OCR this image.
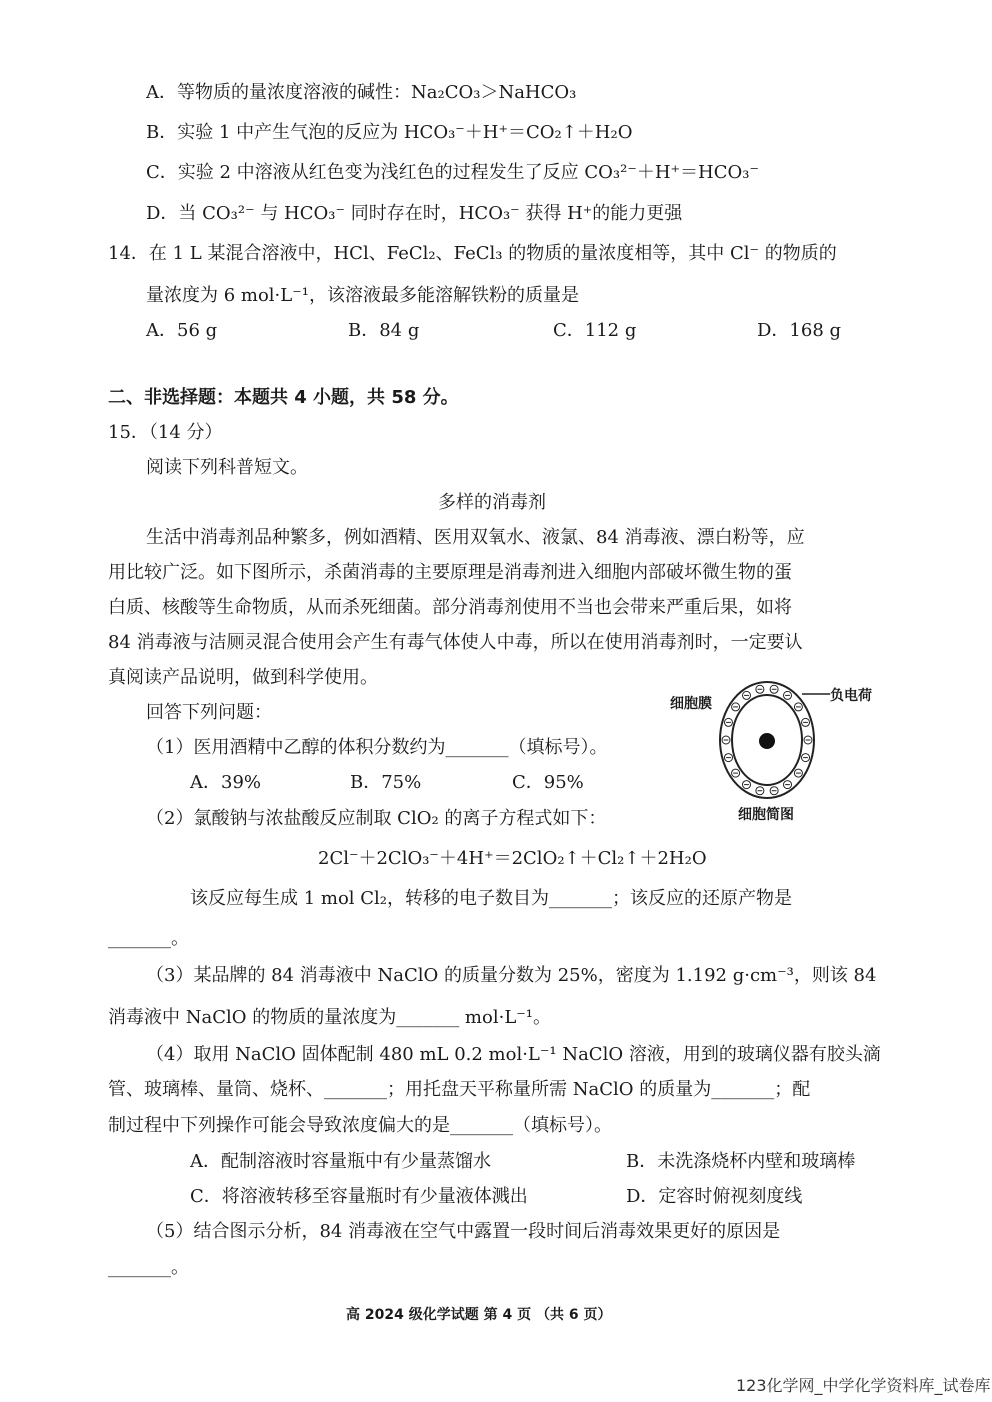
A．等物质的量浓度溶液的碱性：Na₂CO₃＞NaHCO₃
B．实验 1 中产生气泡的反应为 HCO₃⁻＋H⁺＝CO₂↑＋H₂O
C．实验 2 中溶液从红色变为浅红色的过程发生了反应 CO₃²⁻＋H⁺＝HCO₃⁻
D．当 CO₃²⁻ 与 HCO₃⁻ 同时存在时，HCO₃⁻ 获得 H⁺的能力更强
14．在 1 L 某混合溶液中，HCl、FeCl₂、FeCl₃ 的物质的量浓度相等，其中 Cl⁻ 的物质的
量浓度为 6 mol·L⁻¹，该溶液最多能溶解铁粉的质量是
A．56 g	B．84 g	C．112 g	D．168 g
二、非选择题：本题共 4 小题，共 58 分。
15．（14 分）
阅读下列科普短文。
多样的消毒剂
生活中消毒剂品种繁多，例如酒精、医用双氧水、液氯、84 消毒液、漂白粉等，应
用比较广泛。如下图所示，杀菌消毒的主要原理是消毒剂进入细胞内部破坏微生物的蛋
白质、核酸等生命物质，从而杀死细菌。部分消毒剂使用不当也会带来严重后果，如将
84 消毒液与洁厕灵混合使用会产生有毒气体使人中毒，所以在使用消毒剂时，一定要认
真阅读产品说明，做到科学使用。
回答下列问题：
（1）医用酒精中乙醇的体积分数约为_______（填标号）。
A．39%	B．75%	C．95%
（2）氯酸钠与浓盐酸反应制取 ClO₂ 的离子方程式如下：
2Cl⁻＋2ClO₃⁻＋4H⁺＝2ClO₂↑＋Cl₂↑＋2H₂O
该反应每生成 1 mol Cl₂，转移的电子数目为_______；该反应的还原产物是
_______。
（3）某品牌的 84 消毒液中 NaClO 的质量分数为 25%，密度为 1.192 g·cm⁻³，则该 84
消毒液中 NaClO 的物质的量浓度为_______ mol·L⁻¹。
（4）取用 NaClO 固体配制 480 mL 0.2 mol·L⁻¹ NaClO 溶液，用到的玻璃仪器有胶头滴
管、玻璃棒、量筒、烧杯、_______；用托盘天平称量所需 NaClO 的质量为_______；配
制过程中下列操作可能会导致浓度偏大的是_______（填标号）。
A．配制溶液时容量瓶中有少量蒸馏水	B．未洗涤烧杯内壁和玻璃棒
C．将溶液转移至容量瓶时有少量液体溅出	D．定容时俯视刻度线
（5）结合图示分析，84 消毒液在空气中露置一段时间后消毒效果更好的原因是
_______。
细胞膜	负电荷
细胞简图
高 2024 级化学试题 第 4 页 （共 6 页）
123化学网_中学化学资料库_试卷库
